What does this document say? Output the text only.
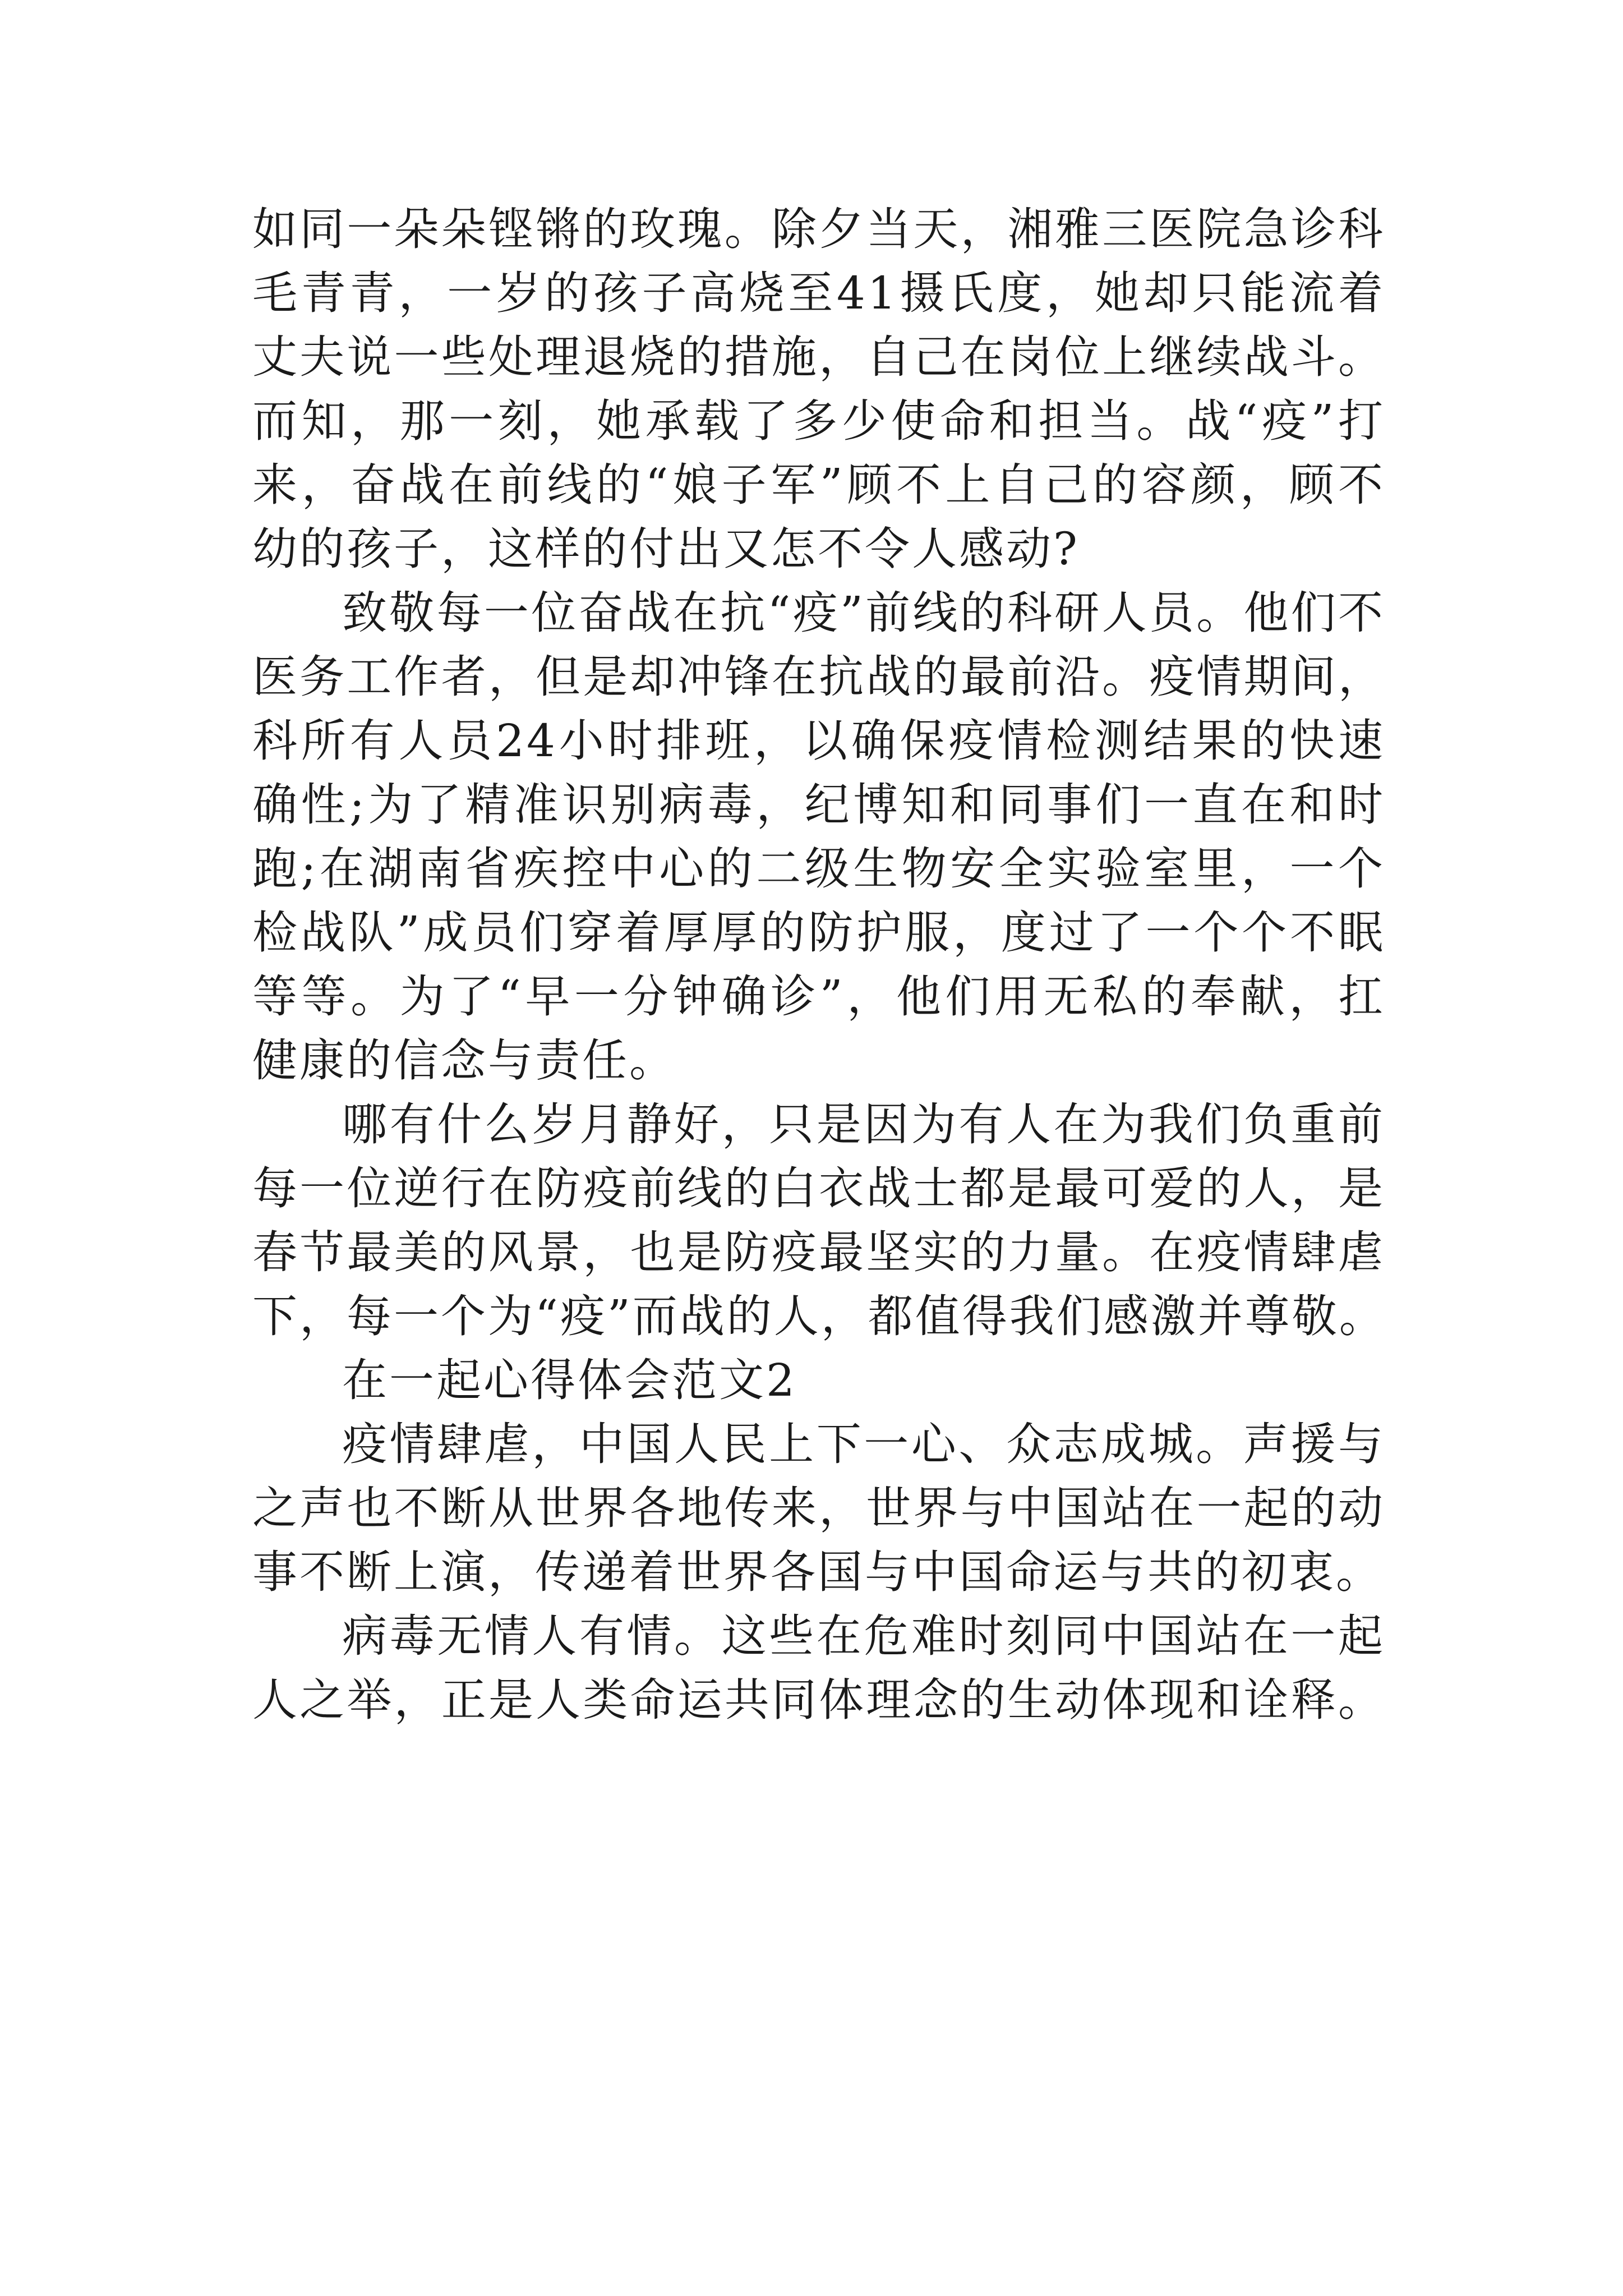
如同一朵朵铿锵的玫瑰。除夕当天，湘雅三医院急诊科
毛青青，一岁的孩子高烧至41摄氏度，她却只能流着
丈夫说一些处理退烧的措施，自己在岗位上继续战斗。
而知，那一刻，她承载了多少使命和担当。战“疫”打
来，奋战在前线的“娘子军”顾不上自己的容颜，顾不
幼的孩子，这样的付出又怎不令人感动?
致敬每一位奋战在抗“疫”前线的科研人员。他们不
医务工作者，但是却冲锋在抗战的最前沿。疫情期间，
科所有人员24小时排班，以确保疫情检测结果的快速
确性;为了精准识别病毒，纪博知和同事们一直在和时
跑;在湖南省疾控中心的二级生物安全实验室里，一个
检战队”成员们穿着厚厚的防护服，度过了一个个不眠
等等。为了“早一分钟确诊”，他们用无私的奉献，扛
健康的信念与责任。
哪有什么岁月静好，只是因为有人在为我们负重前
每一位逆行在防疫前线的白衣战士都是最可爱的人，是
春节最美的风景，也是防疫最坚实的力量。在疫情肆虐
下，每一个为“疫”而战的人，都值得我们感激并尊敬。
在一起心得体会范文2
疫情肆虐，中国人民上下一心、众志成城。声援与
之声也不断从世界各地传来，世界与中国站在一起的动
事不断上演，传递着世界各国与中国命运与共的初衷。
病毒无情人有情。这些在危难时刻同中国站在一起
人之举，正是人类命运共同体理念的生动体现和诠释。
